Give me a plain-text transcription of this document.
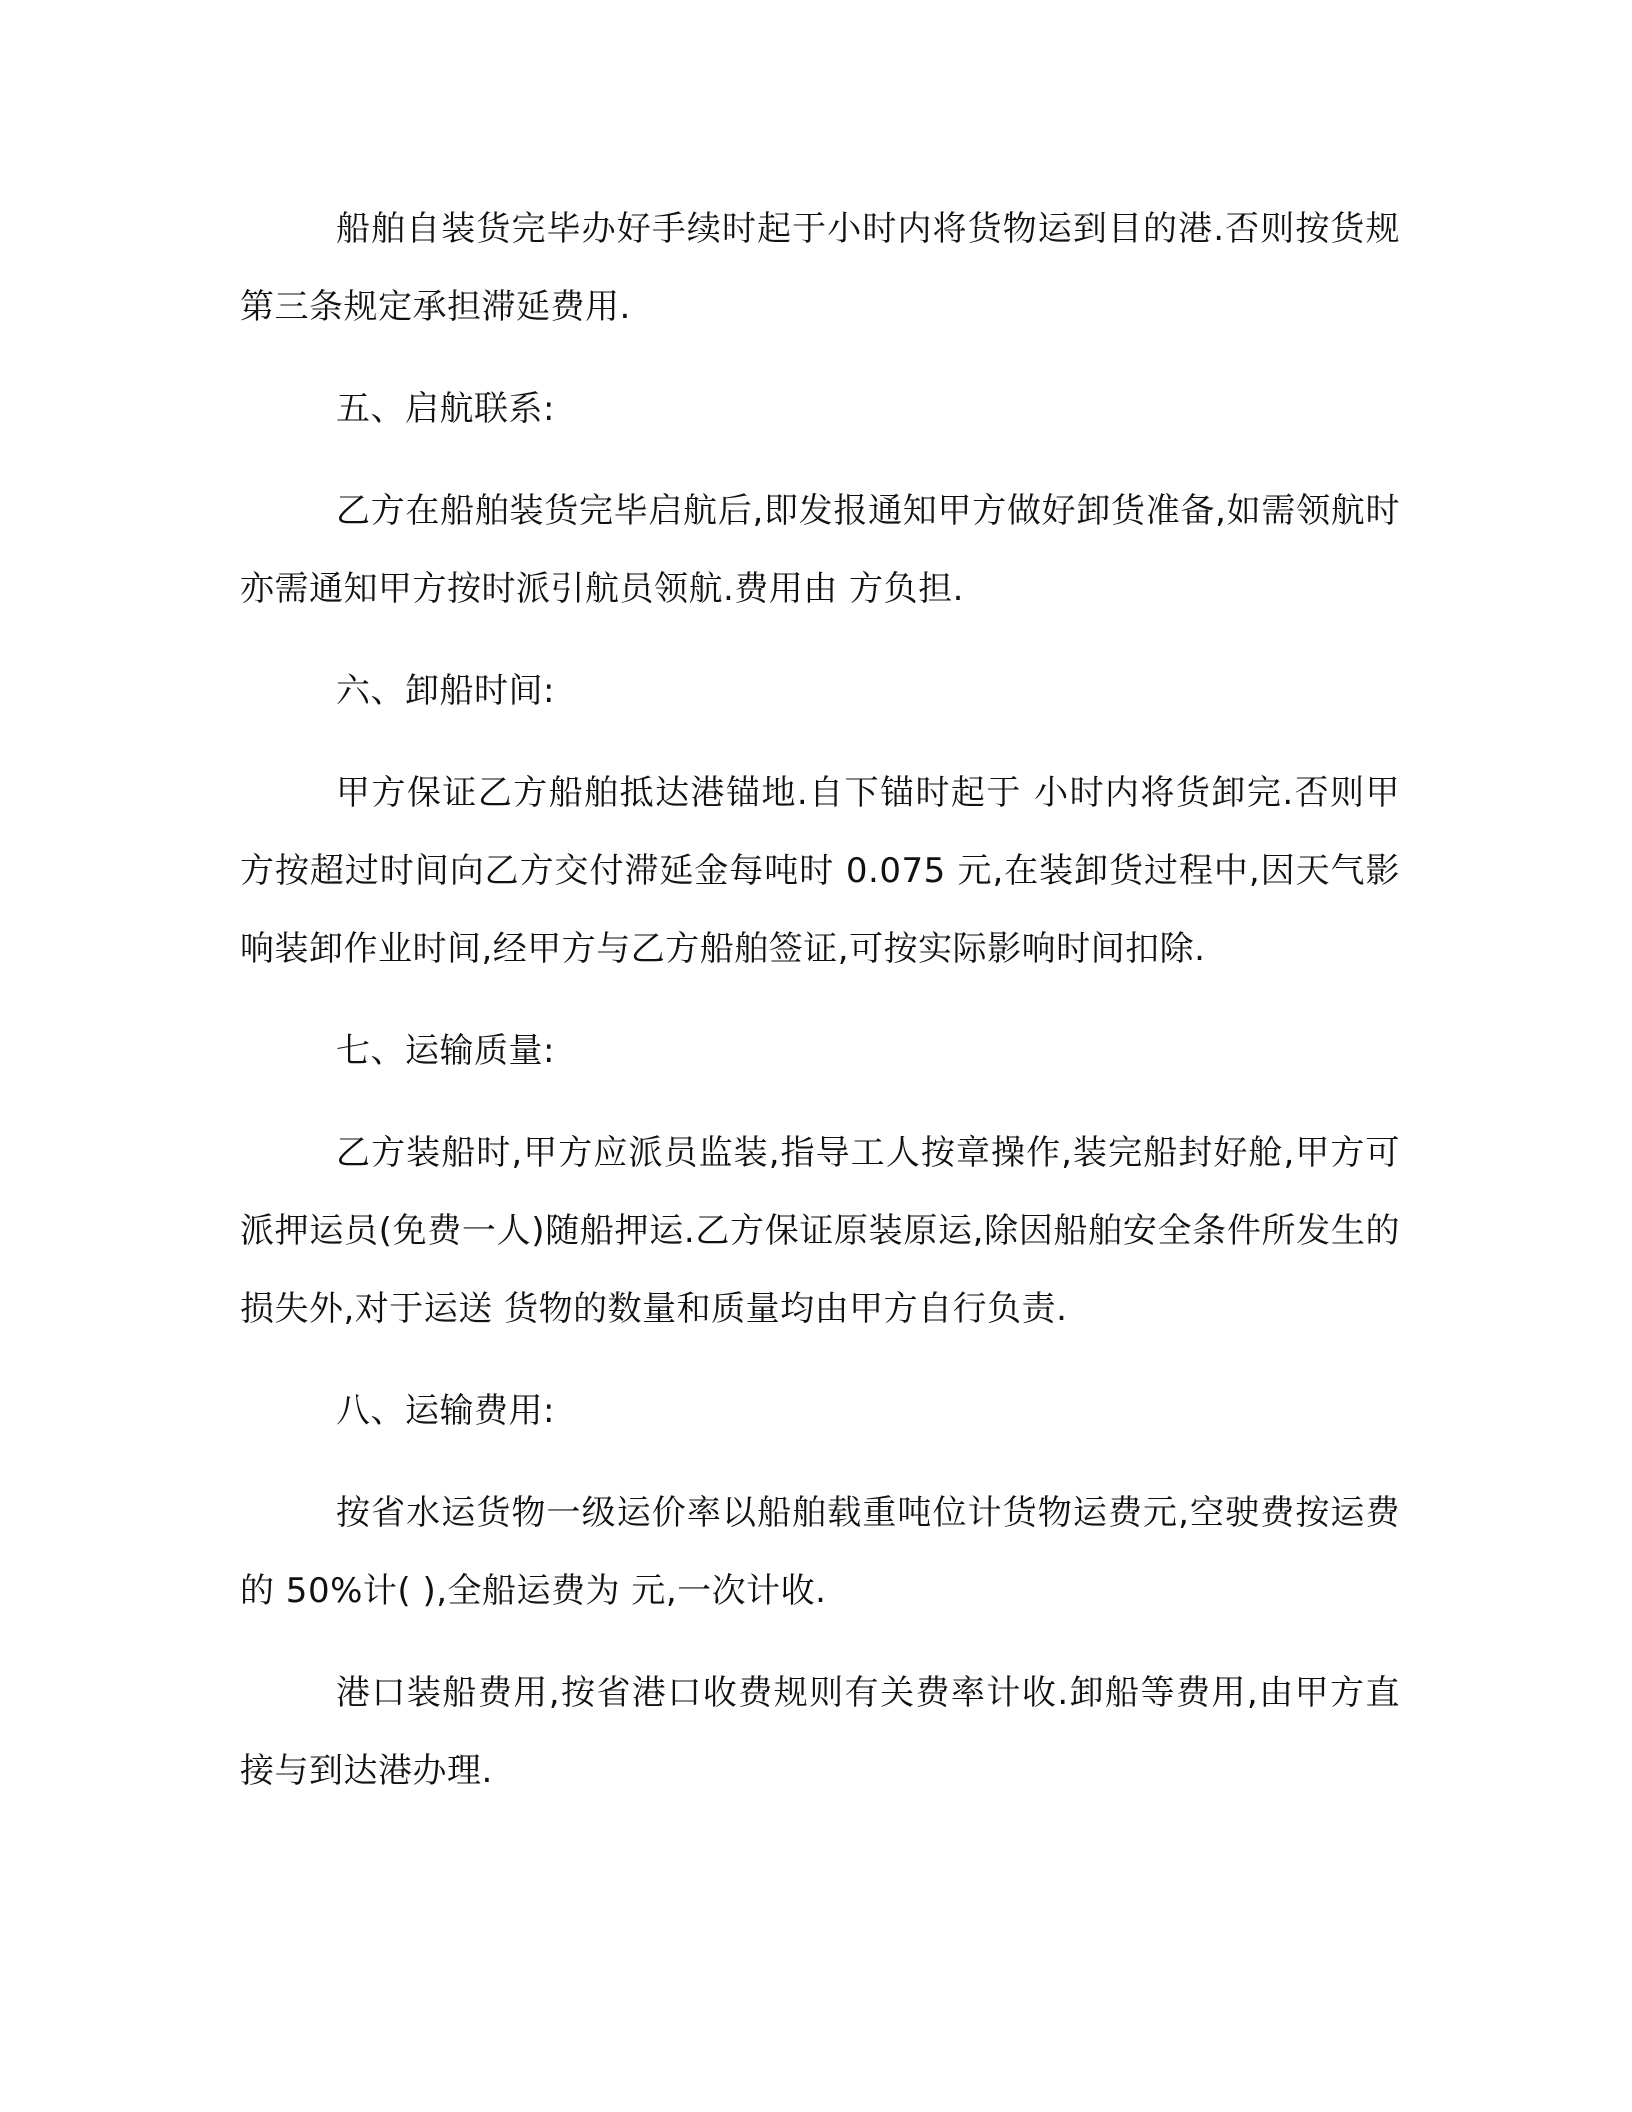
船舶自装货完毕办好手续时起于小时内将货物运到目的港.否则按货规第三条规定承担滞延费用.

五、启航联系:

乙方在船舶装货完毕启航后,即发报通知甲方做好卸货准备,如需领航时亦需通知甲方按时派引航员领航.费用由 方负担.

六、卸船时间:

甲方保证乙方船舶抵达港锚地.自下锚时起于 小时内将货卸完.否则甲方按超过时间向乙方交付滞延金每吨时 0.075 元,在装卸货过程中,因天气影响装卸作业时间,经甲方与乙方船舶签证,可按实际影响时间扣除.

七、运输质量:

乙方装船时,甲方应派员监装,指导工人按章操作,装完船封好舱,甲方可派押运员(免费一人)随船押运.乙方保证原装原运,除因船舶安全条件所发生的损失外,对于运送 货物的数量和质量均由甲方自行负责.

八、运输费用:

按省水运货物一级运价率以船舶载重吨位计货物运费元,空驶费按运费的 50%计( ),全船运费为 元,一次计收.

港口装船费用,按省港口收费规则有关费率计收.卸船等费用,由甲方直接与到达港办理.
